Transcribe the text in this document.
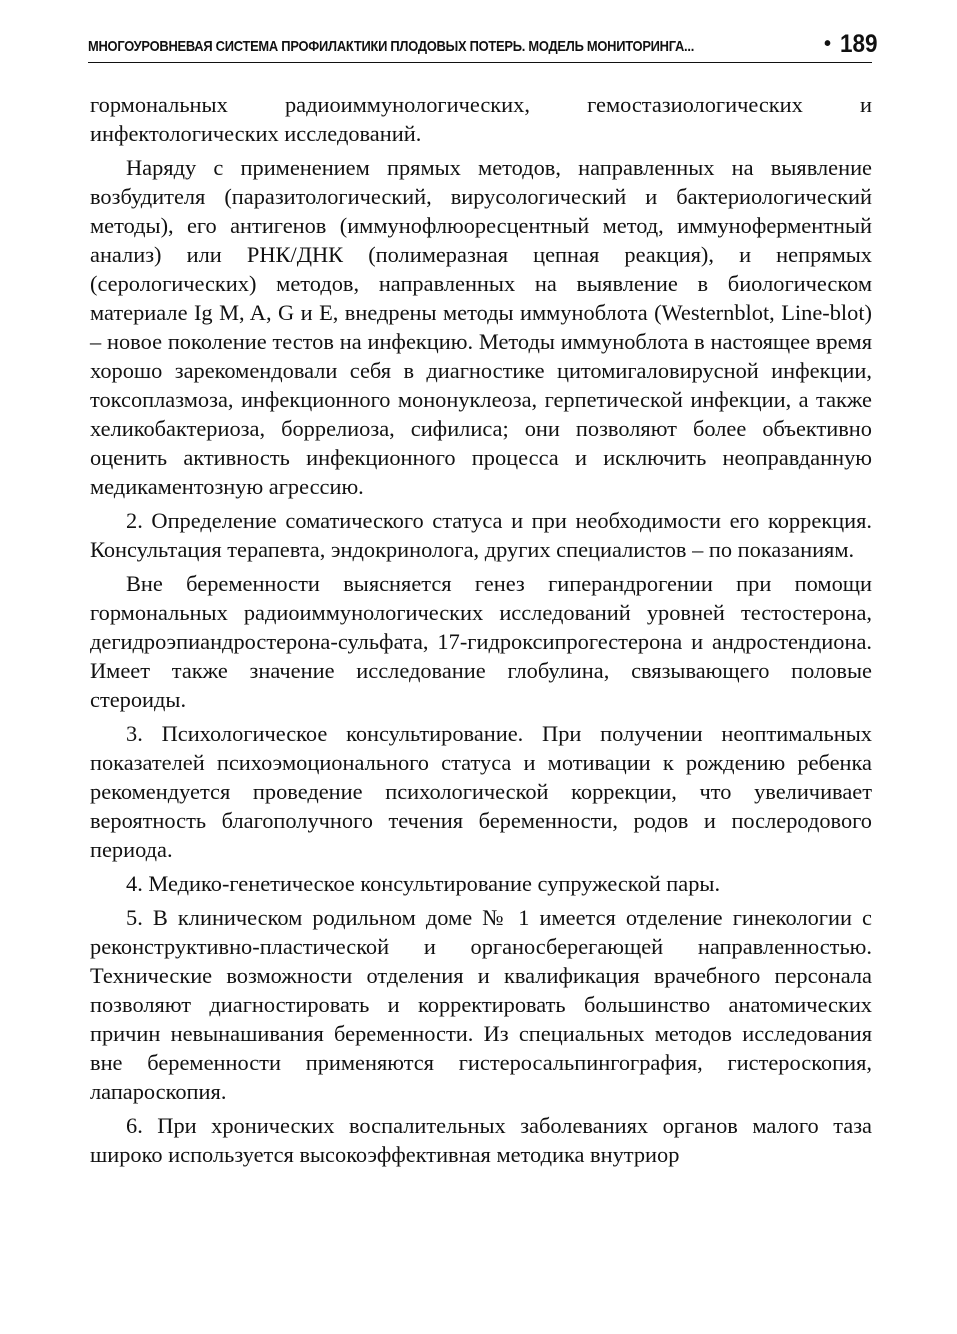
МНОГОУРОВНЕВАЯ СИСТЕМА ПРОФИЛАКТИКИ ПЛОДОВЫХ ПОТЕРЬ. МОДЕЛЬ МОНИТОРИНГА...	• 189

гормональных радиоиммунологических, гемостазиологических и инфектологических исследований.

Наряду с применением прямых методов, направленных на выявление возбудителя (паразитологический, вирусологический и бактериологический методы), его антигенов (иммунофлюоресцентный метод, иммуноферментный анализ) или РНК/ДНК (полимеразная цепная реакция), и непрямых (серологических) методов, направленных на выявление в биологическом материале Ig M, A, G и E, внедрены методы иммуноблота (Westernblot, Line-blot) – новое поколение тестов на инфекцию. Методы иммуноблота в настоящее время хорошо зарекомендовали себя в диагностике цитомигаловирусной инфекции, токсоплазмоза, инфекционного мононуклеоза, герпетической инфекции, а также хеликобактериоза, боррелиоза, сифилиса; они позволяют более объективно оценить активность инфекционного процесса и исключить неоправданную медикаментозную агрессию.

2. Определение соматического статуса и при необходимости его коррекция. Консультация терапевта, эндокринолога, других специалистов – по показаниям.

Вне беременности выясняется генез гиперандрогении при помощи гормональных радиоиммунологических исследований уровней тестостерона, дегидроэпиандростерона-сульфата, 17-гидроксипрогестерона и андростендиона. Имеет также значение исследование глобулина, связывающего половые стероиды.

3. Психологическое консультирование. При получении неоптимальных показателей психоэмоционального статуса и мотивации к рождению ребенка рекомендуется проведение психологической коррекции, что увеличивает вероятность благополучного течения беременности, родов и послеродового периода.

4. Медико-генетическое консультирование супружеской пары.

5. В клиническом родильном доме № 1 имеется отделение гинекологии с реконструктивно-пластической и органосберегающей направленностью. Технические возможности отделения и квалификация врачебного персонала позволяют диагностировать и корректировать большинство анатомических причин невынашивания беременности. Из специальных методов исследования вне беременности применяются гистеросальпингография, гистероскопия, лапароскопия.

6. При хронических воспалительных заболеваниях органов малого таза широко используется высокоэффективная методика внутриор
